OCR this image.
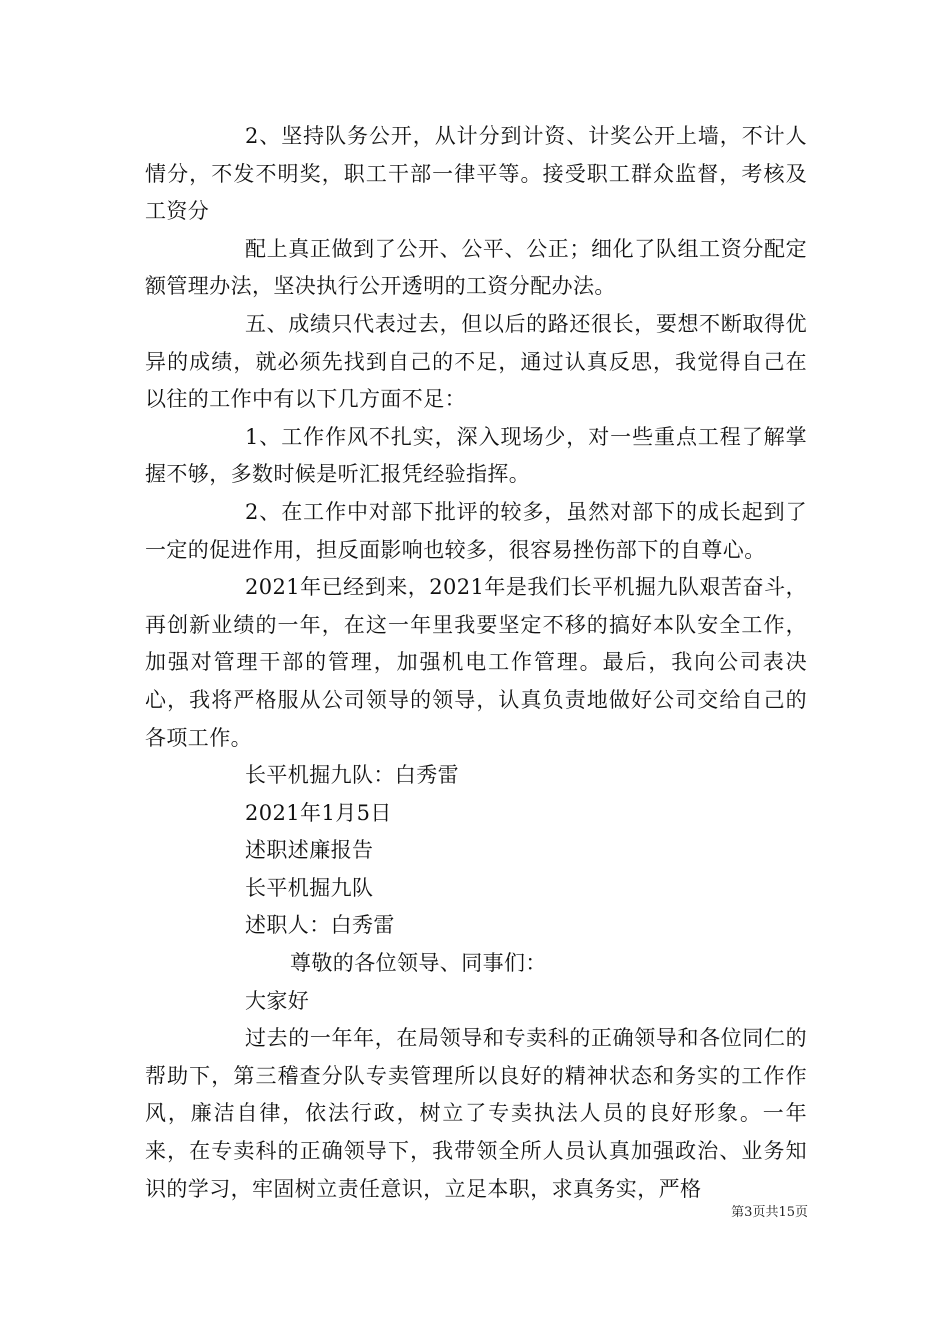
2、坚持队务公开，从计分到计资、计奖公开上墙，不计人情分，不发不明奖，职工干部一律平等。接受职工群众监督，考核及工资分

配上真正做到了公开、公平、公正；细化了队组工资分配定额管理办法，坚决执行公开透明的工资分配办法。

五、成绩只代表过去，但以后的路还很长，要想不断取得优异的成绩，就必须先找到自己的不足，通过认真反思，我觉得自己在以往的工作中有以下几方面不足：

1、工作作风不扎实，深入现场少，对一些重点工程了解掌握不够，多数时候是听汇报凭经验指挥。

2、在工作中对部下批评的较多，虽然对部下的成长起到了一定的促进作用，担反面影响也较多，很容易挫伤部下的自尊心。

2021年已经到来，2021年是我们长平机掘九队艰苦奋斗，再创新业绩的一年，在这一年里我要坚定不移的搞好本队安全工作，加强对管理干部的管理，加强机电工作管理。最后，我向公司表决心，我将严格服从公司领导的领导，认真负责地做好公司交给自己的各项工作。

长平机掘九队：白秀雷

2021年1月5日

述职述廉报告

长平机掘九队

述职人：白秀雷

尊敬的各位领导、同事们：

大家好

过去的一年年，在局领导和专卖科的正确领导和各位同仁的帮助下，第三稽查分队专卖管理所以良好的精神状态和务实的工作作风，廉洁自律，依法行政，树立了专卖执法人员的良好形象。一年来，在专卖科的正确领导下，我带领全所人员认真加强政治、业务知识的学习，牢固树立责任意识，立足本职，求真务实，严格

第3页共15页
